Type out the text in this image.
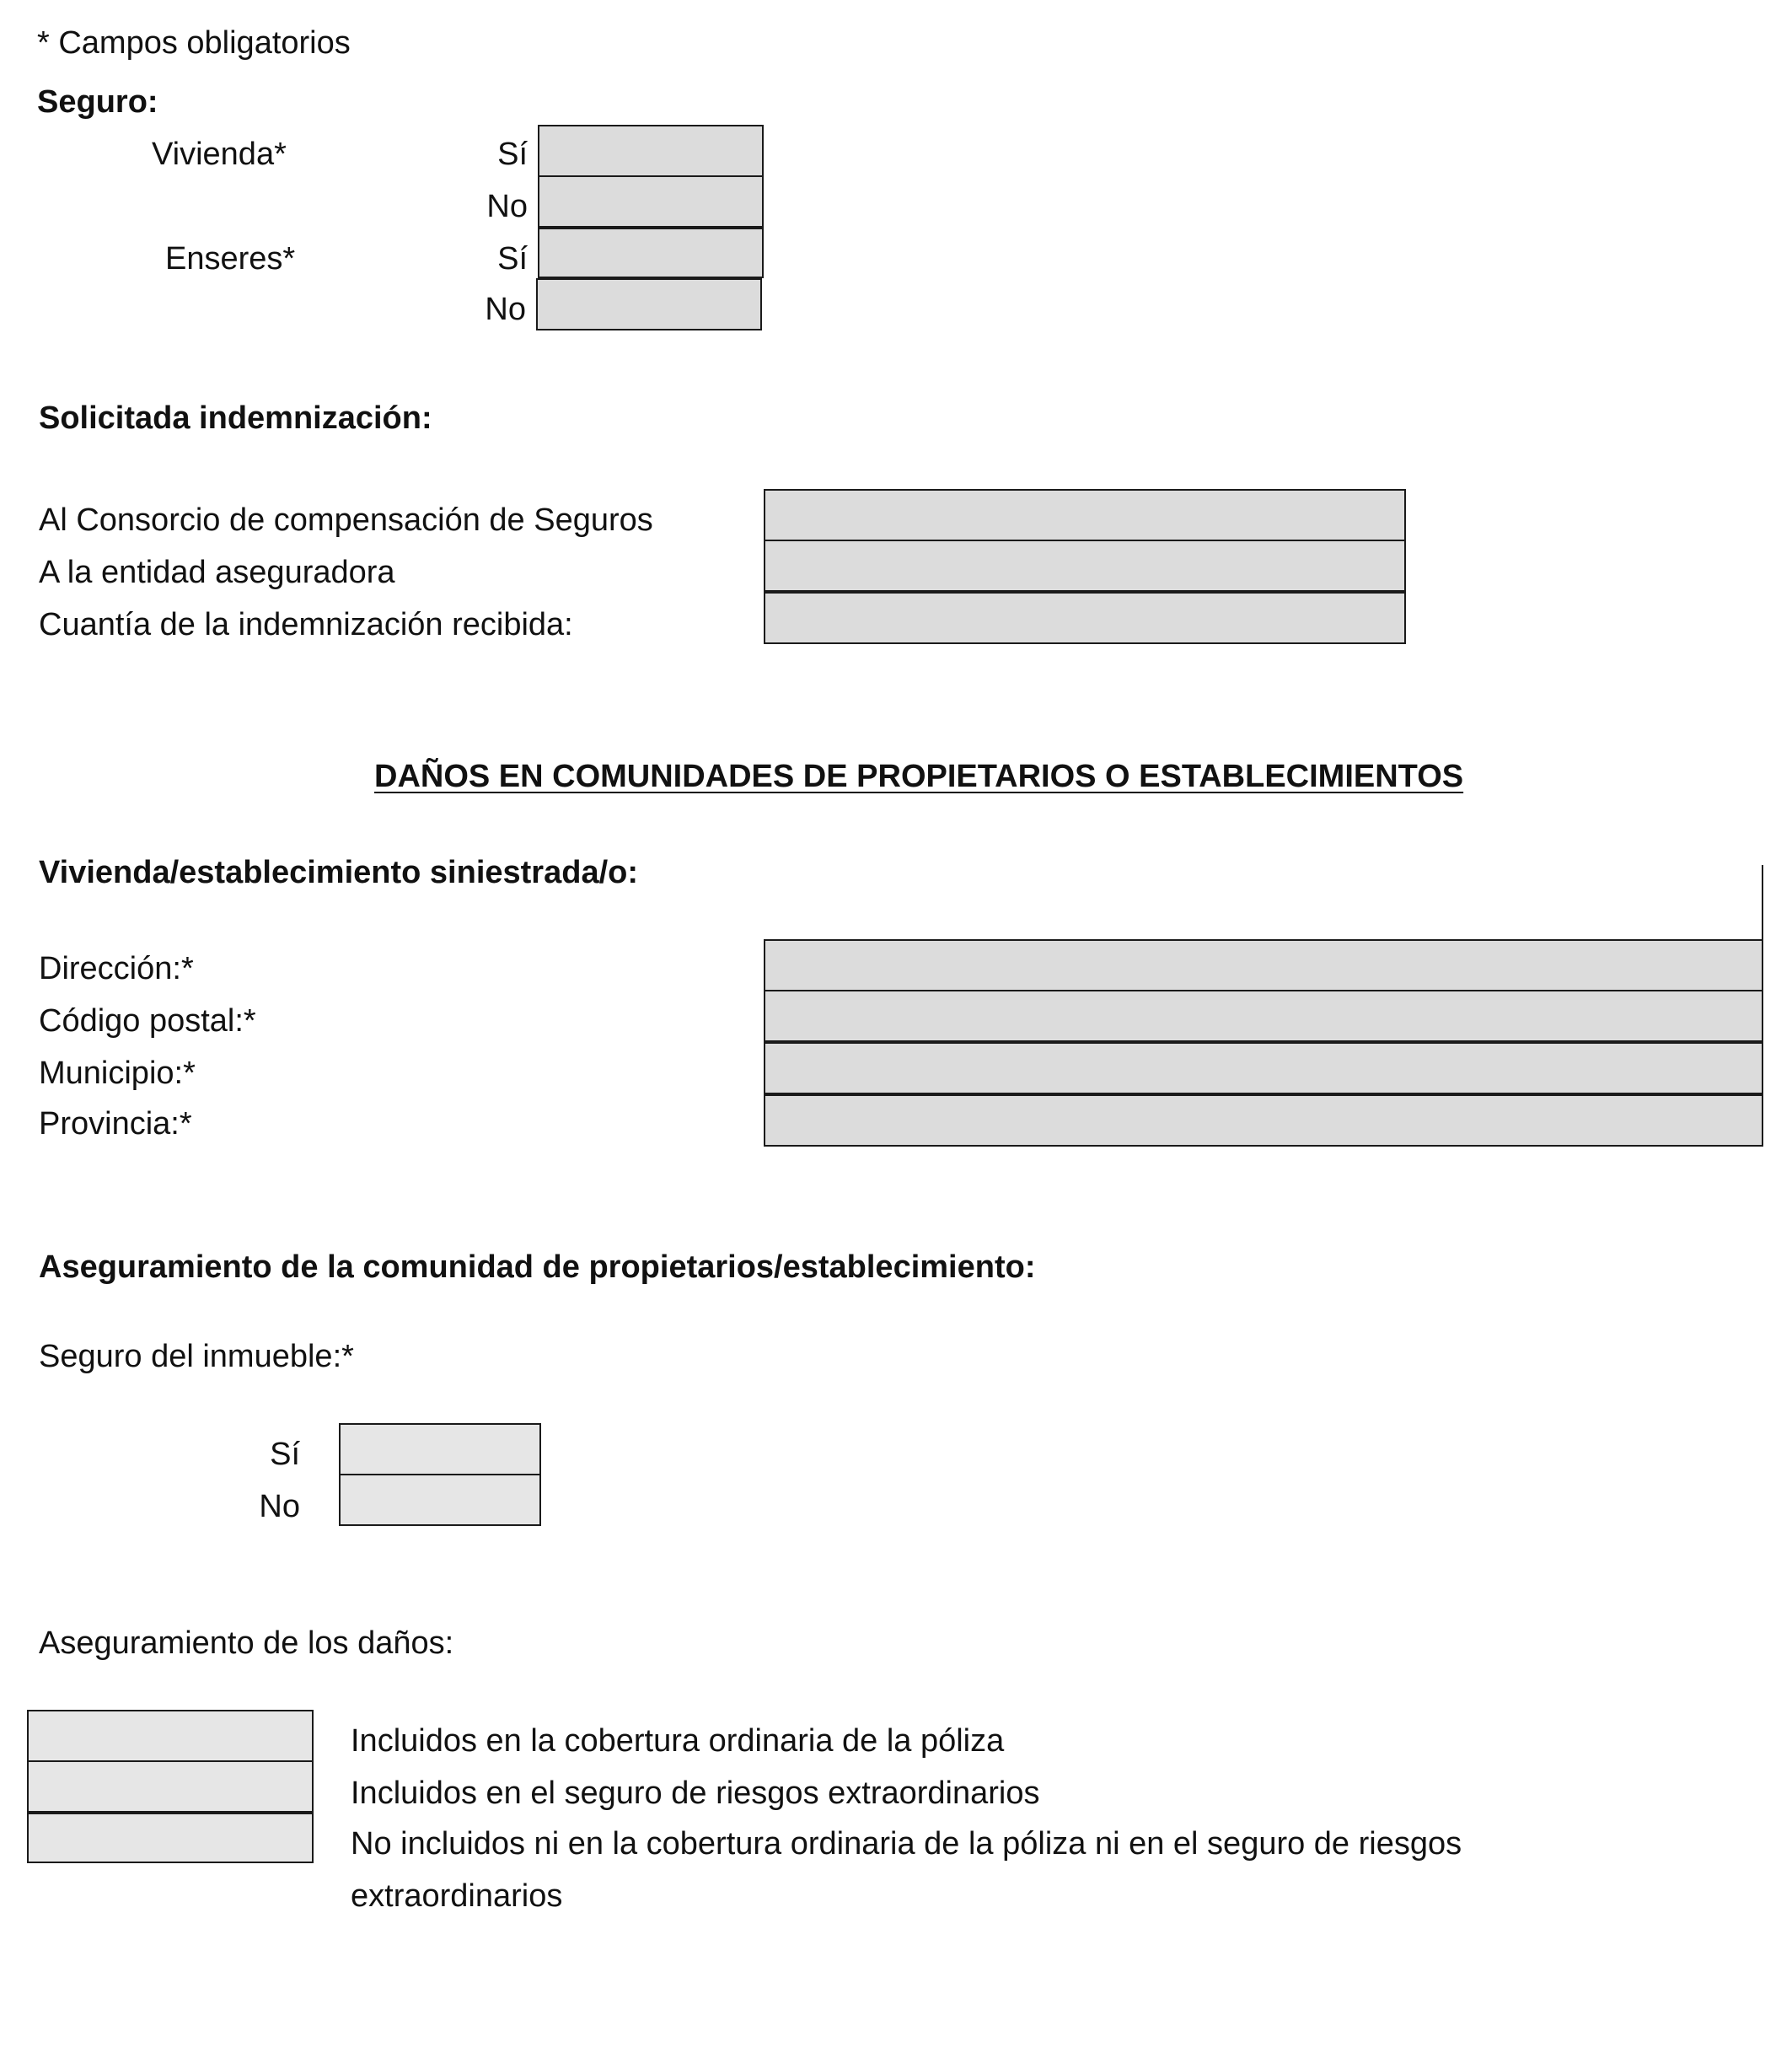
* Campos obligatorios
Seguro:
Vivienda*	Sí
No
Enseres*	Sí
No
Solicitada indemnización:
Al Consorcio de compensación de Seguros
A la entidad aseguradora
Cuantía de la indemnización recibida:
DAÑOS EN COMUNIDADES DE PROPIETARIOS O ESTABLECIMIENTOS
Vivienda/establecimiento siniestrada/o:
Dirección:*
Código postal:*
Municipio:*
Provincia:*
Aseguramiento de la comunidad de propietarios/establecimiento:
Seguro del inmueble:*
Sí
No
Aseguramiento de los daños:
Incluidos en la cobertura ordinaria de la póliza
Incluidos en el seguro de riesgos extraordinarios
No incluidos ni en la cobertura ordinaria de la póliza ni en el seguro de riesgos
extraordinarios
